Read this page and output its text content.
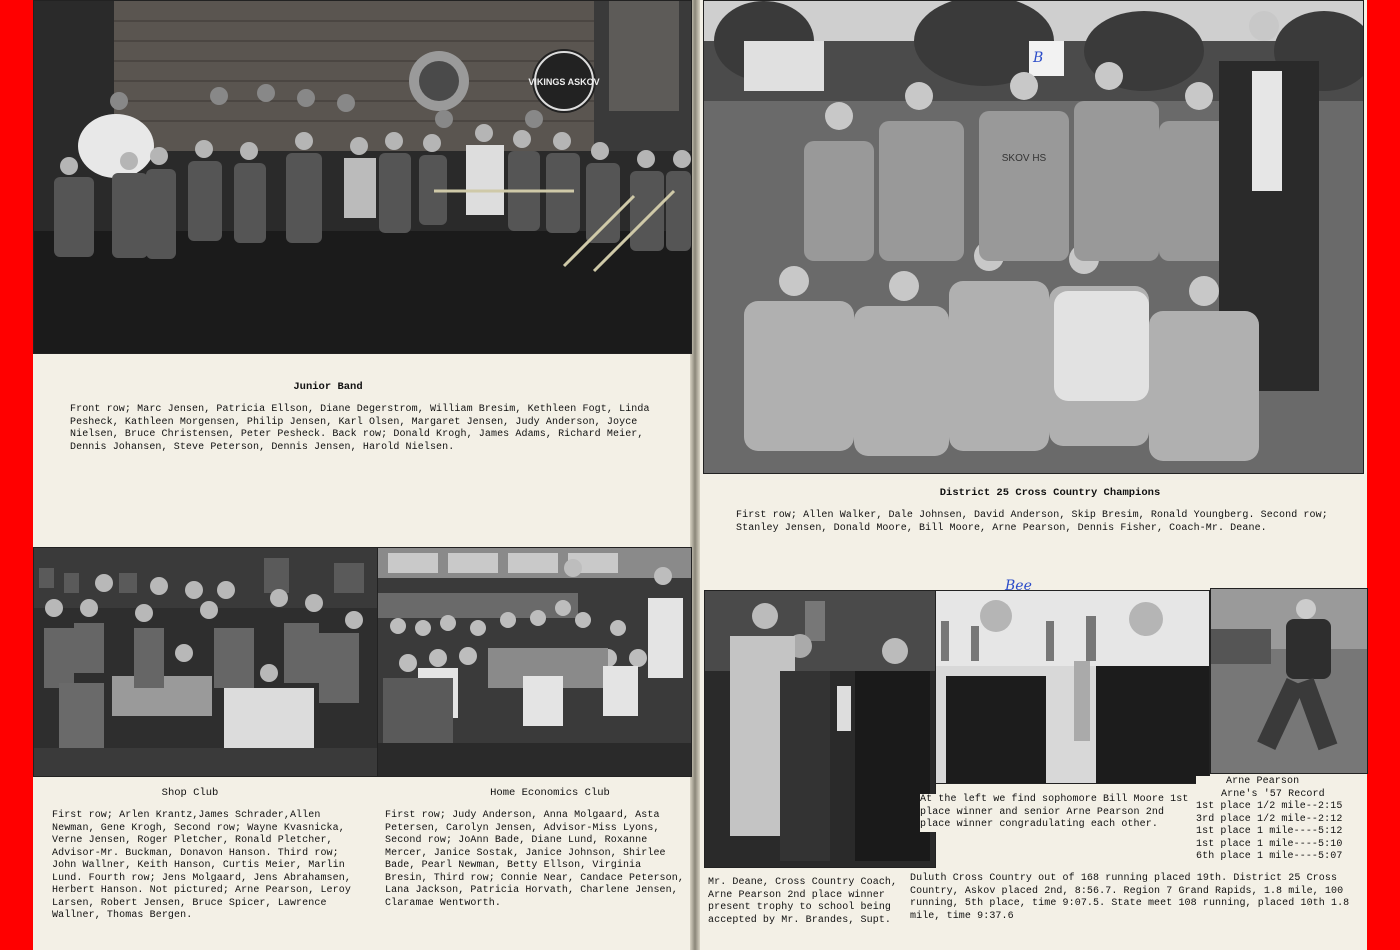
VIKINGS ASKOV
Junior Band
Front row; Marc Jensen, Patricia Ellson, Diane Degerstrom, William Bresim, Kethleen Fogt, Linda Pesheck, Kathleen Morgensen, Philip Jensen, Karl Olsen, Margaret Jensen, Judy Anderson, Joyce Nielsen, Bruce Christensen, Peter Pesheck. Back row; Donald Krogh, James Adams, Richard Meier, Dennis Johansen, Steve Peterson, Dennis Jensen, Harold Nielsen.
Shop Club
First row; Arlen Krantz,James Schrader,Allen Newman, Gene Krogh, Second row; Wayne Kvasnicka, Verne Jensen, Roger Pletcher, Ronald Pletcher, Advisor-Mr. Buckman, Donavon Hanson. Third row; John Wallner, Keith Hanson, Curtis Meier, Marlin Lund. Fourth row; Jens Molgaard, Jens Abrahamsen, Herbert Hanson. Not pictured; Arne Pearson, Leroy Larsen, Robert Jensen, Bruce Spicer, Lawrence Wallner, Thomas Bergen.
Home Economics Club
First row; Judy Anderson, Anna Molgaard, Asta Petersen, Carolyn Jensen, Advisor-Miss Lyons, Second row; JoAnn Bade, Diane Lund, Roxanne Mercer, Janice Sostak, Janice Johnson, Shirlee Bade, Pearl Newman, Betty Ellson, Virginia Bresin, Third row; Connie Near, Candace Peterson, Lana Jackson, Patricia Horvath, Charlene Jensen, Claramae Wentworth.
SKOV HS
B
District 25 Cross Country Champions
First row; Allen Walker, Dale Johnsen, David Anderson, Skip Bresim, Ronald Youngberg. Second row; Stanley Jensen, Donald Moore, Bill Moore, Arne Pearson, Dennis Fisher, Coach-Mr. Deane.
Bee
Mr. Deane, Cross Country Coach, Arne Pearson 2nd place winner present trophy to school being accepted by Mr. Brandes, Supt.
At the left we find sophomore Bill Moore 1st place winner and senior Arne Pearson 2nd place winner congradulating each other.
Arne Pearson
Arne's '57 Record
1st place 1/2 mile--2:15
3rd place 1/2 mile--2:12
1st place 1 mile----5:12
1st place 1 mile----5:10
6th place 1 mile----5:07
Duluth Cross Country out of 168 running placed 19th. District 25 Cross Country, Askov placed 2nd, 8:56.7. Region 7 Grand Rapids, 1.8 mile, 100 running, 5th place, time 9:07.5. State meet 108 running, placed 10th 1.8 mile, time 9:37.6
